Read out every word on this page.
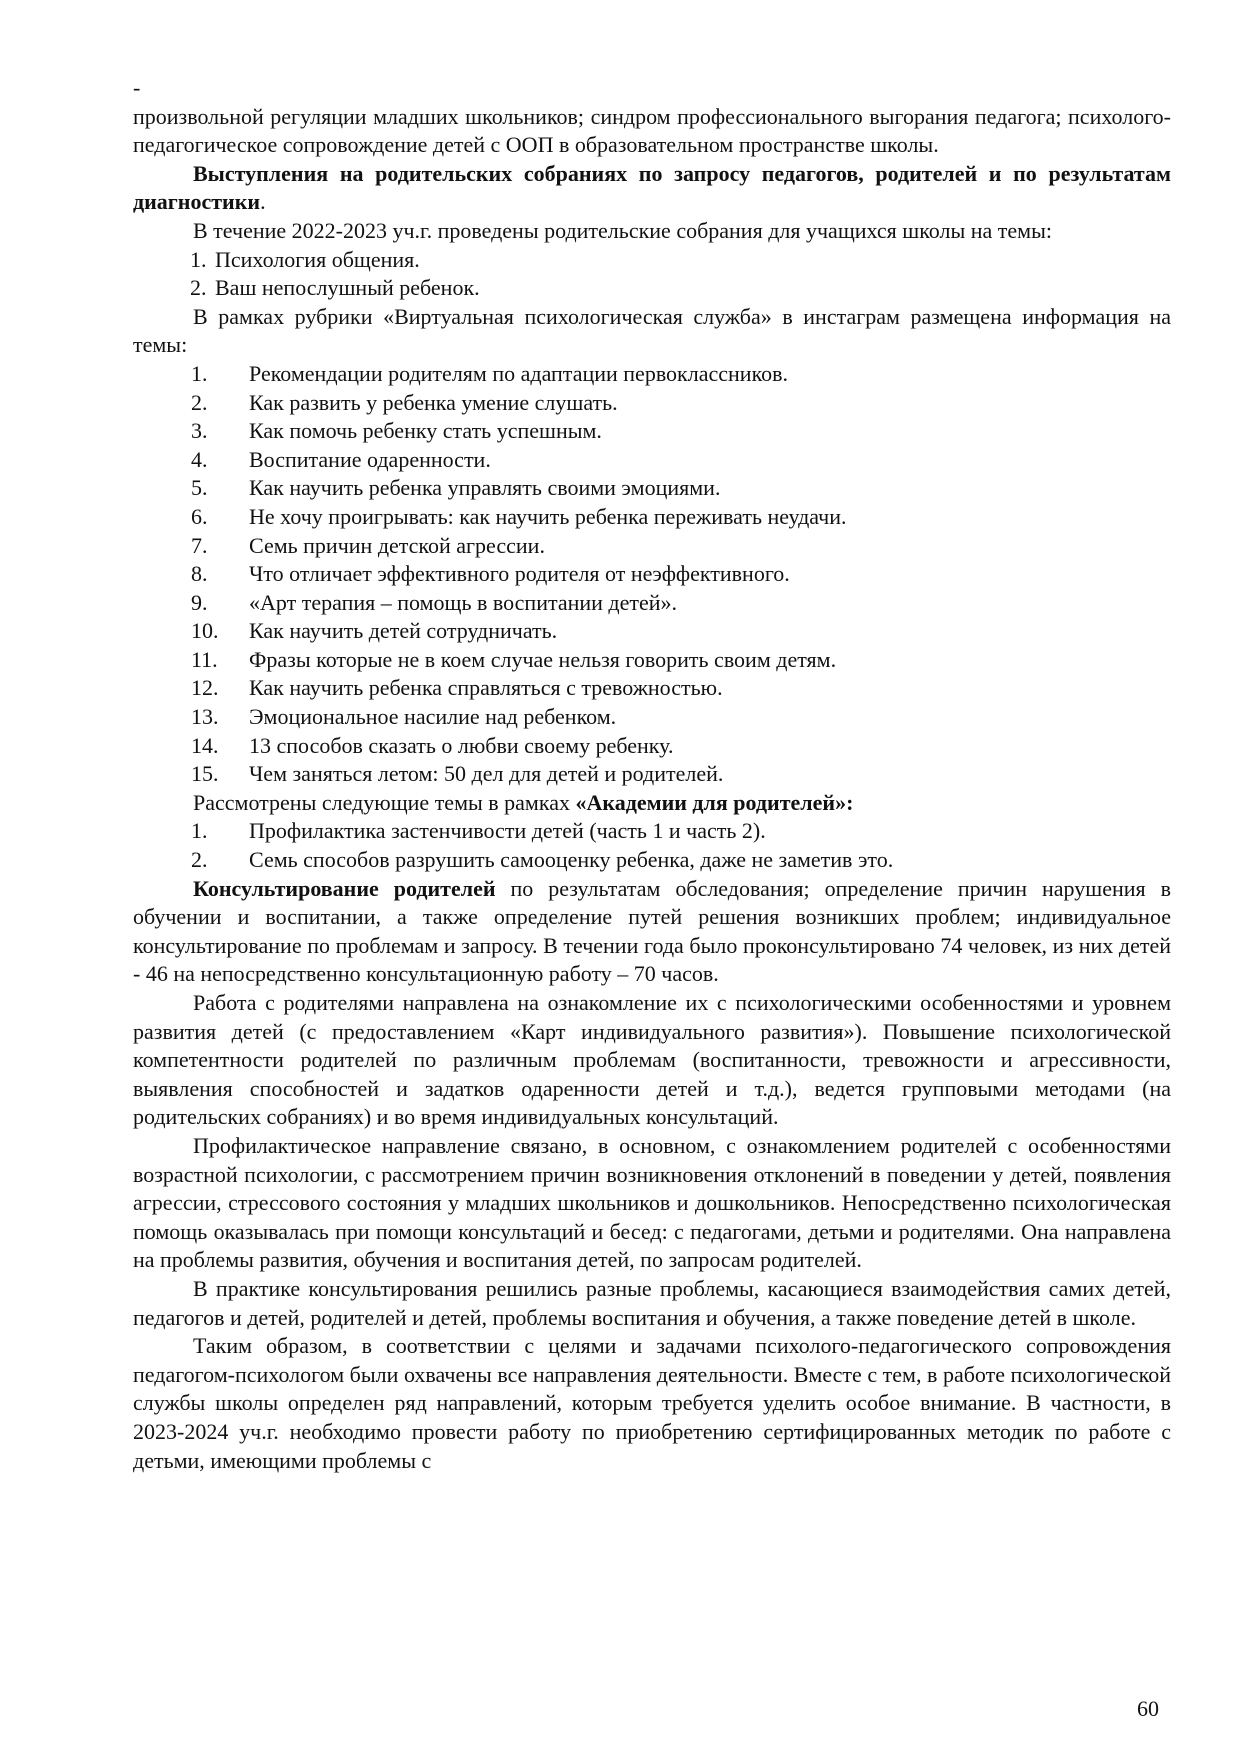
-

произвольной регуляции младших школьников; синдром профессионального выгорания педагога; психолого-педагогическое сопровождение детей с ООП в образовательном пространстве школы.

Выступления на родительских собраниях по запросу педагогов, родителей и по результатам диагностики.

В течение 2022-2023 уч.г. проведены родительские собрания для учащихся школы на темы:

1. Психология общения.
2. Ваш непослушный ребенок.

В рамках рубрики «Виртуальная психологическая служба» в инстаграм размещена информация на темы:

1.	Рекомендации родителям по адаптации первоклассников.
2.	Как развить у ребенка умение слушать.
3.	Как помочь ребенку стать успешным.
4.	Воспитание одаренности.
5.	Как научить ребенка управлять своими эмоциями.
6.	Не хочу проигрывать: как научить ребенка переживать неудачи.
7.	Семь причин детской агрессии.
8.	Что отличает эффективного родителя от неэффективного.
9.	«Арт терапия – помощь в воспитании детей».
10.	Как научить детей сотрудничать.
11.	Фразы которые не в коем случае нельзя говорить своим детям.
12.	Как научить ребенка справляться с тревожностью.
13.	Эмоциональное насилие над ребенком.
14.	13 способов сказать о любви своему ребенку.
15.	Чем заняться летом: 50 дел для детей и родителей.

Рассмотрены следующие темы в рамках «Академии для родителей»:

1.	Профилактика застенчивости детей (часть 1 и часть 2).
2.	Семь способов разрушить самооценку ребенка, даже не заметив это.

Консультирование родителей по результатам обследования; определение причин нарушения в обучении и воспитании, а также определение путей решения возникших проблем; индивидуальное консультирование по проблемам и запросу. В течении года было проконсультировано 74 человек, из них детей - 46 на непосредственно консультационную работу – 70 часов.

Работа с родителями направлена на ознакомление их с психологическими особенностями и уровнем развития детей (с предоставлением «Карт индивидуального развития»). Повышение психологической компетентности родителей по различным проблемам (воспитанности, тревожности и агрессивности, выявления способностей и задатков одаренности детей и т.д.), ведется групповыми методами (на родительских собраниях) и во время индивидуальных консультаций.

Профилактическое направление связано, в основном, с ознакомлением родителей с особенностями возрастной психологии, с рассмотрением причин возникновения отклонений в поведении у детей, появления агрессии, стрессового состояния у младших школьников и дошкольников. Непосредственно психологическая помощь оказывалась при помощи консультаций и бесед: с педагогами, детьми и родителями. Она направлена на проблемы развития, обучения и воспитания детей, по запросам родителей.

В практике консультирования решились разные проблемы, касающиеся взаимодействия самих детей, педагогов и детей, родителей и детей, проблемы воспитания и обучения, а также поведение детей в школе.

Таким образом, в соответствии с целями и задачами психолого-педагогического сопровождения педагогом-психологом были охвачены все направления деятельности. Вместе с тем, в работе психологической службы школы определен ряд направлений, которым требуется уделить особое внимание. В частности, в 2023-2024 уч.г. необходимо провести работу по приобретению сертифицированных методик по работе с детьми, имеющими проблемы с

60
